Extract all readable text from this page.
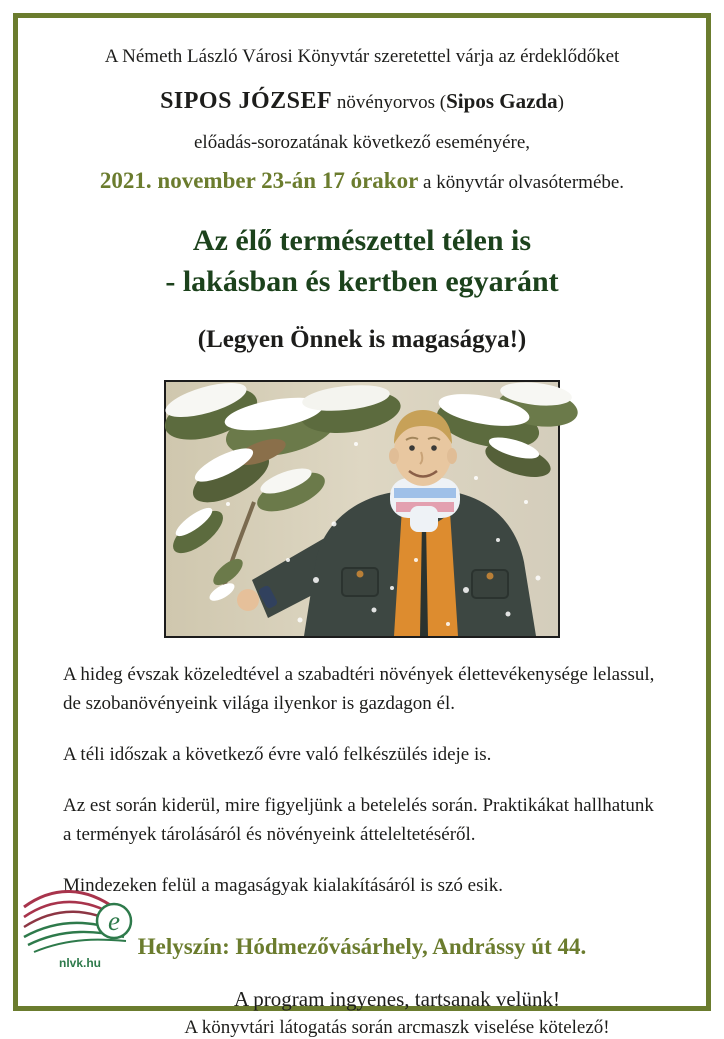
A Németh László Városi Könyvtár szeretettel várja az érdeklődőket
SIPOS JÓZSEF növényorvos (Sipos Gazda)
előadás-sorozatának következő eseményére,
2021. november 23-án 17 órakor a könyvtár olvasótermébe.
Az élő természettel télen is
- lakásban és kertben egyaránt
(Legyen Önnek is magaságya!)
A hideg évszak közeledtével a szabadtéri növények élettevékenysége lelassul, de szobanövényeink világa ilyenkor is gazdagon él.
A téli időszak a következő évre való felkészülés ideje is.
Az est során kiderül, mire figyeljünk a betelelés során. Praktikákat hallhatunk a termények tárolásáról és növényeink átteleltetéséről.
Mindezeken felül a magaságyak kialakításáról is szó esik.
Helyszín: Hódmezővásárhely, Andrássy út 44.
A program ingyenes, tartsanak velünk!
A könyvtári látogatás során arcmaszk viselése kötelező!
e
nlvk.hu
